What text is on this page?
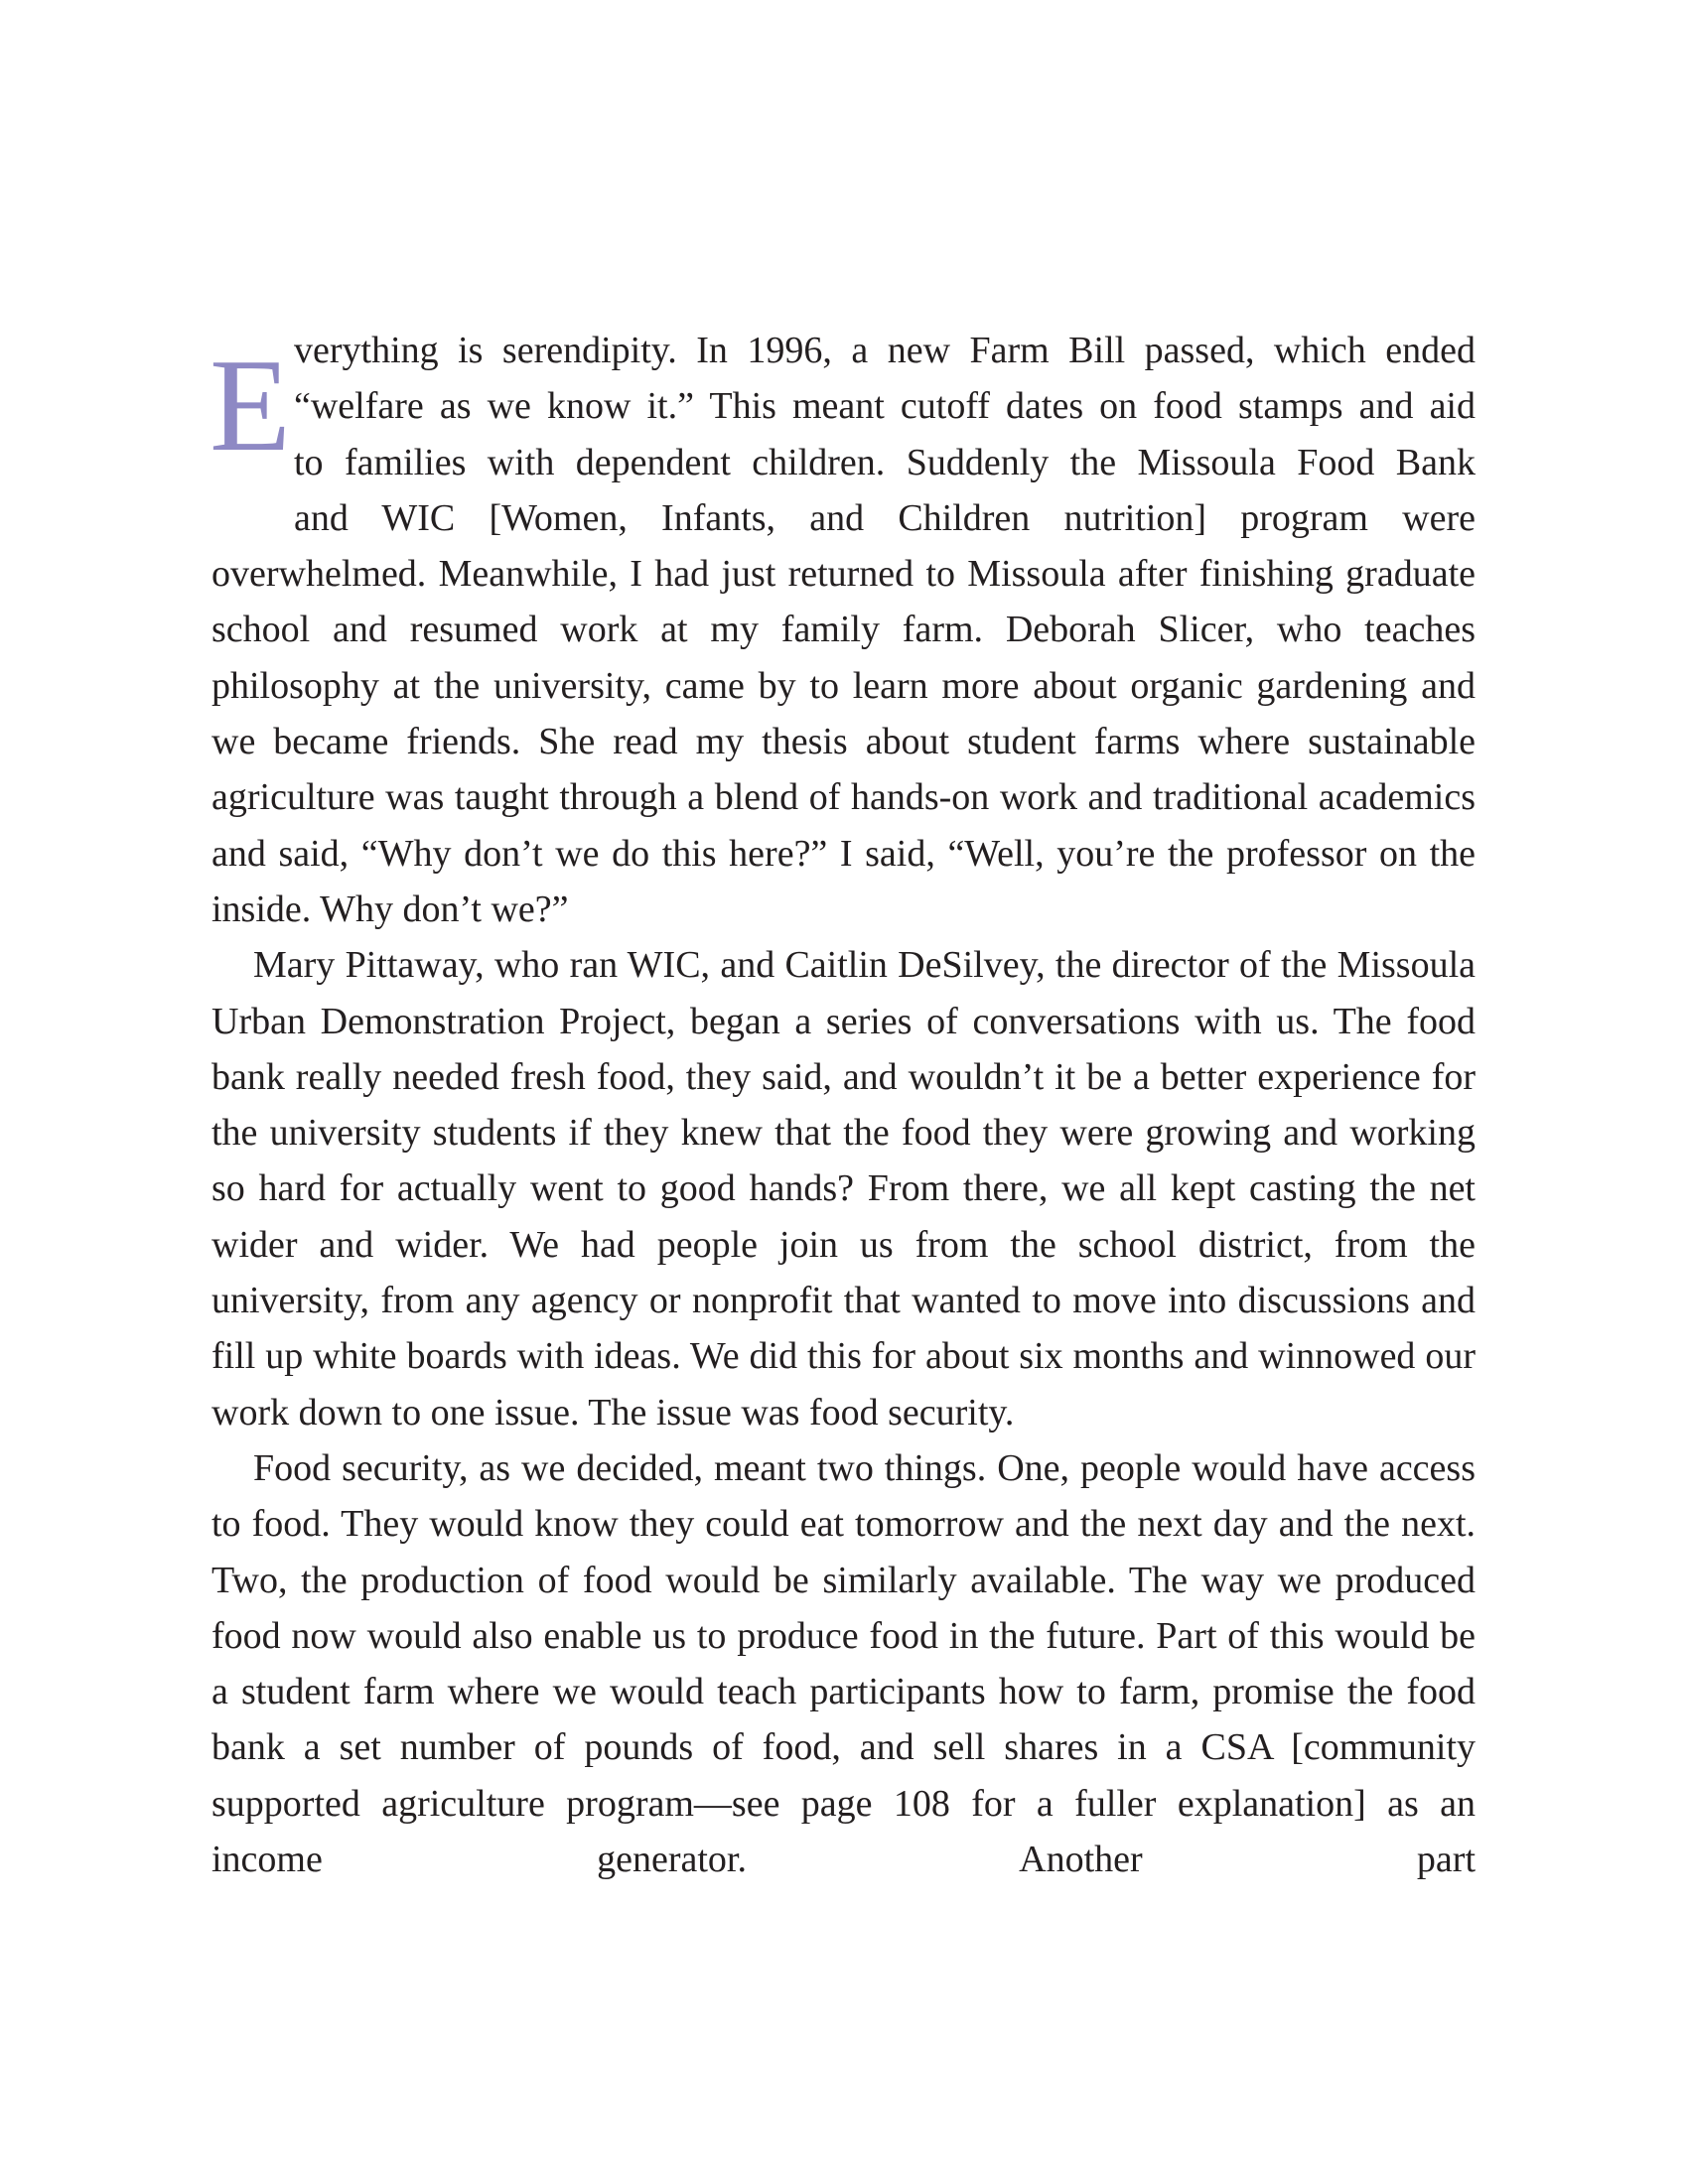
E verything is serendipity. In 1996, a new Farm Bill passed, which ended
“welfare as we know it.” This meant cutoff dates on food stamps and aid
to families with dependent children. Suddenly the Missoula Food Bank
and WIC [Women, Infants, and Children nutrition] program were

overwhelmed. Meanwhile, I had just returned to Missoula after finishing graduate school and resumed work at my family farm. Deborah Slicer, who teaches philosophy at the university, came by to learn more about organic gardening and we became friends. She read my thesis about student farms where sustainable agriculture was taught through a blend of hands-on work and traditional academics and said, “Why don’t we do this here?” I said, “Well, you’re the professor on the inside. Why don’t we?”

Mary Pittaway, who ran WIC, and Caitlin DeSilvey, the director of the Missoula Urban Demonstration Project, began a series of conversations with us. The food bank really needed fresh food, they said, and wouldn’t it be a better experience for the university students if they knew that the food they were growing and working so hard for actually went to good hands? From there, we all kept casting the net wider and wider. We had people join us from the school district, from the university, from any agency or nonprofit that wanted to move into discussions and fill up white boards with ideas. We did this for about six months and winnowed our work down to one issue. The issue was food security.

Food security, as we decided, meant two things. One, people would have access to food. They would know they could eat tomorrow and the next day and the next. Two, the production of food would be similarly available. The way we produced food now would also enable us to produce food in the future. Part of this would be a student farm where we would teach participants how to farm, promise the food bank a set number of pounds of food, and sell shares in a CSA [community supported agriculture program—see page 108 for a fuller explanation] as an income generator. Another part
